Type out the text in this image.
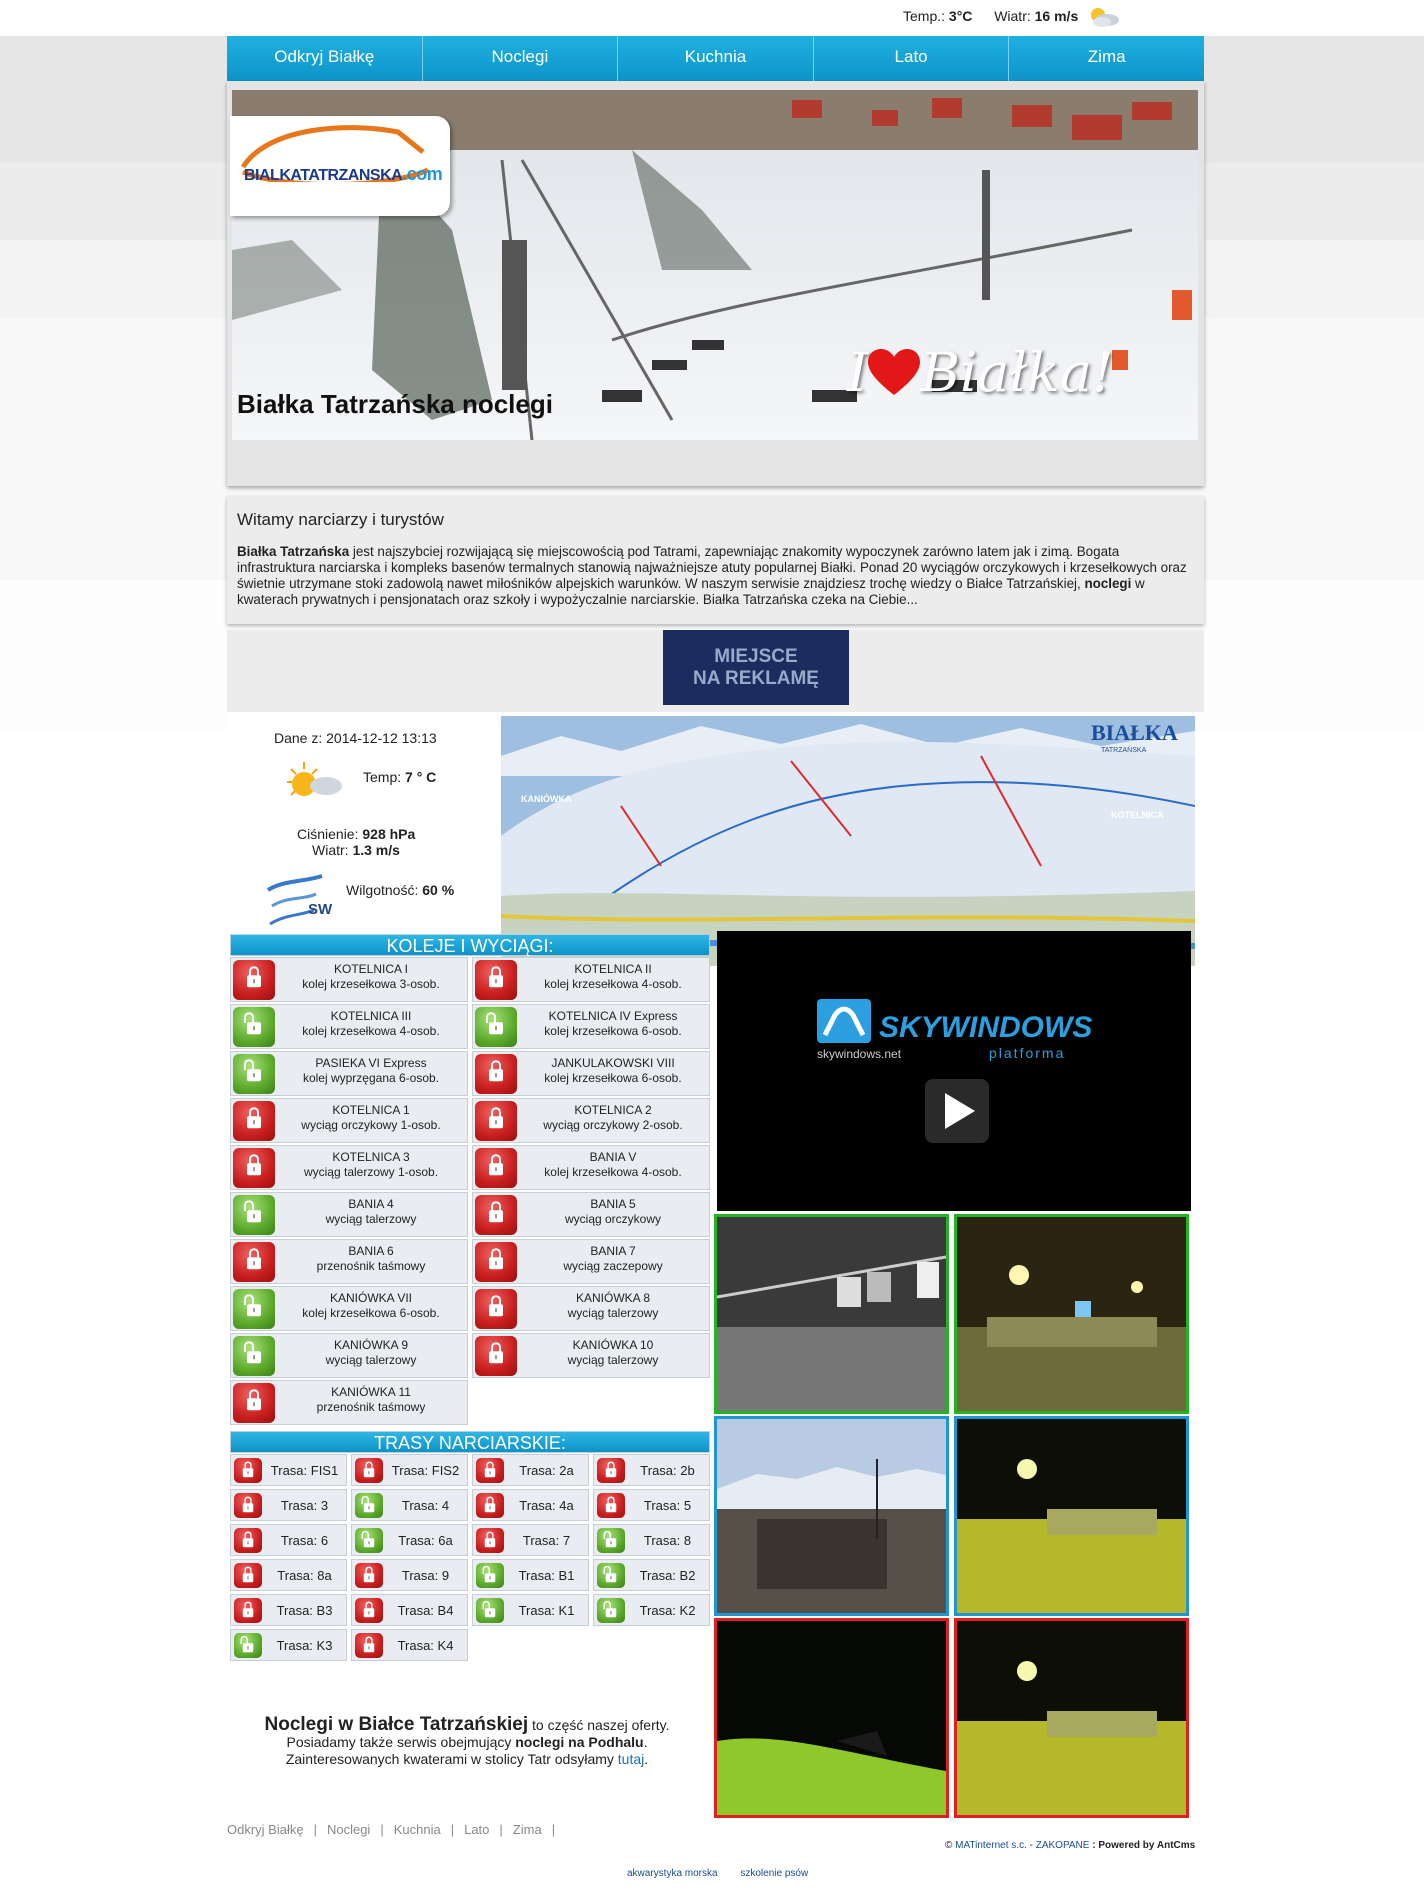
Temp.: 3°C Wiatr: 16 m/s
Odkryj Białkę	Noclegi	Kuchnia	Lato	Zima
BIALKATATRZANSKA.com
I Białka!
Białka Tatrzańska noclegi
Witamy narciarzy i turystów

Białka Tatrzańska jest najszybciej rozwijającą się miejscowością pod Tatrami, zapewniając znakomity wypoczynek zarówno latem jak i zimą. Bogata infrastruktura narciarska i kompleks basenów termalnych stanowią najważniejsze atuty popularnej Białki. Ponad 20 wyciągów orczykowych i krzesełkowych oraz świetnie utrzymane stoki zadowolą nawet miłośników alpejskich warunków. W naszym serwisie znajdziesz trochę wiedzy o Białce Tatrzańskiej, noclegi w kwaterach prywatnych i pensjonatach oraz szkoły i wypożyczalnie narciarskie. Białka Tatrzańska czeka na Ciebie...

MIEJSCE
NA REKLAMĘ
Dane z: 2014-12-12 13:13
Temp: 7 ° C
Ciśnienie: 928 hPa
Wiatr: 1.3 m/s
SW
Wilgotność: 60 %
BIAŁKA
TATRZAŃSKA
KANIÓWKA
KOTELNICA
KOLEJE I WYCIĄGI:
KOTELNICA I
kolej krzesełkowa 3-osob.
KOTELNICA II
kolej krzesełkowa 4-osob.
KOTELNICA III
kolej krzesełkowa 4-osob.
KOTELNICA IV Express
kolej krzesełkowa 6-osob.
PASIEKA VI Express
kolej wyprzęgana 6-osob.
JANKULAKOWSKI VIII
kolej krzesełkowa 6-osob.
KOTELNICA 1
wyciąg orczykowy 1-osob.
KOTELNICA 2
wyciąg orczykowy 2-osob.
KOTELNICA 3
wyciąg talerzowy 1-osob.
BANIA V
kolej krzesełkowa 4-osob.
BANIA 4
wyciąg talerzowy
BANIA 5
wyciąg orczykowy
BANIA 6
przenośnik taśmowy
BANIA 7
wyciąg zaczepowy
KANIÓWKA VII
kolej krzesełkowa 6-osob.
KANIÓWKA 8
wyciąg talerzowy
KANIÓWKA 9
wyciąg talerzowy
KANIÓWKA 10
wyciąg talerzowy
KANIÓWKA 11
przenośnik taśmowy
TRASY NARCIARSKIE:
Trasa: FIS1	Trasa: FIS2	Trasa: 2a	Trasa: 2b
Trasa: 3	Trasa: 4	Trasa: 4a	Trasa: 5
Trasa: 6	Trasa: 6a	Trasa: 7	Trasa: 8
Trasa: 8a	Trasa: 9	Trasa: B1	Trasa: B2
Trasa: B3	Trasa: B4	Trasa: K1	Trasa: K2
Trasa: K3	Trasa: K4
Noclegi w Białce Tatrzańskiej to część naszej oferty.
Posiadamy także serwis obejmujący noclegi na Podhalu.
Zainteresowanych kwaterami w stolicy Tatr odsyłamy tutaj.
SKYWINDOWS
skywindows.net	platforma
Odkryj Białkę | Noclegi | Kuchnia | Lato | Zima |
© MATinternet s.c. - ZAKOPANE : Powered by AntCms
akwarystyka morska szkolenie psów
